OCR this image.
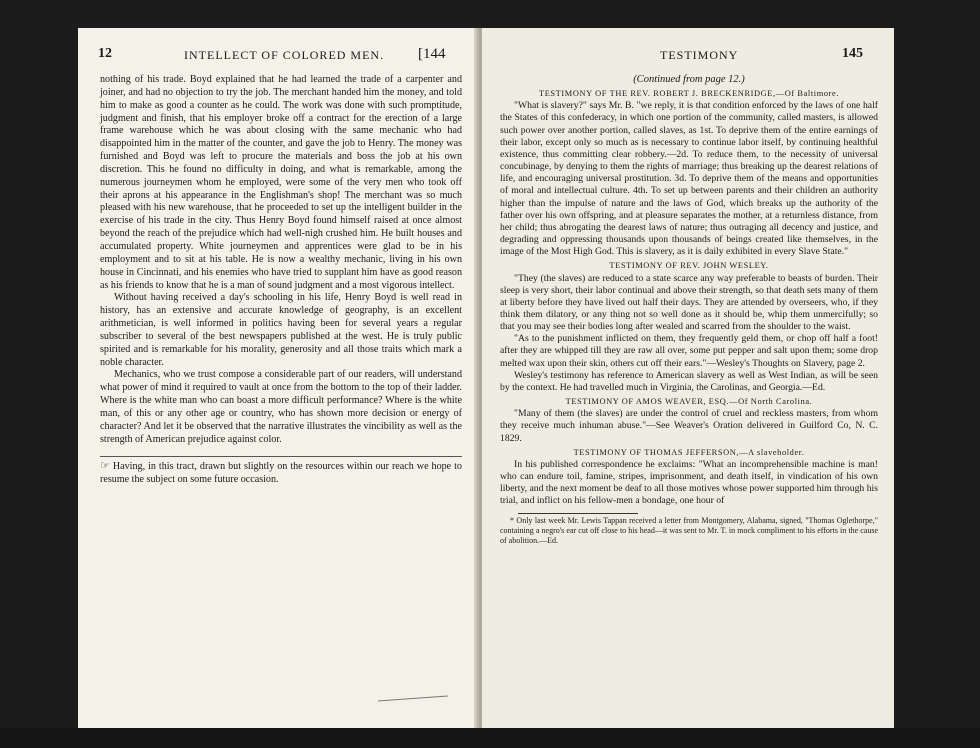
12	INTELLECT OF COLORED MEN. [144

nothing of his trade. Boyd explained that he had learned the trade of a carpenter and joiner, and had no objection to try the job. The merchant handed him the money, and told him to make as good a counter as he could. The work was done with such promptitude, judgment and finish, that his employer broke off a contract for the erection of a large frame warehouse which he was about closing with the same mechanic who had disappointed him in the matter of the counter, and gave the job to Henry. The money was furnished and Boyd was left to procure the materials and boss the job at his own discretion. This he found no difficulty in doing, and what is remarkable, among the numerous journeymen whom he employed, were some of the very men who took off their aprons at his appearance in the Englishman's shop! The merchant was so much pleased with his new warehouse, that he proceeded to set up the intelligent builder in the exercise of his trade in the city. Thus Henry Boyd found himself raised at once almost beyond the reach of the prejudice which had well-nigh crushed him. He built houses and accumulated property. White journeymen and apprentices were glad to be in his employment and to sit at his table. He is now a wealthy mechanic, living in his own house in Cincinnati, and his enemies who have tried to supplant him have as good reason as his friends to know that he is a man of sound judgment and a most vigorous intellect.

Without having received a day's schooling in his life, Henry Boyd is well read in history, has an extensive and accurate knowledge of geography, is an excellent arithmetician, is well informed in politics having been for several years a regular subscriber to several of the best newspapers published at the west. He is truly public spirited and is remarkable for his morality, generosity and all those traits which mark a noble character.

Mechanics, who we trust compose a considerable part of our readers, will understand what power of mind it required to vault at once from the bottom to the top of their ladder. Where is the white man who can boast a more difficult performance? Where is the white man, of this or any other age or country, who has shown more decision or energy of character? And let it be observed that the narrative illustrates the vincibility as well as the strength of American prejudice against color.

☞ Having, in this tract, drawn but slightly on the resources within our reach we hope to resume the subject on some future occasion.

TESTIMONY	145
(Continued from page 12.)
TESTIMONY OF THE REV. ROBERT J. BRECKENRIDGE,—Of Baltimore.

"What is slavery?" says Mr. B. "we reply, it is that condition enforced by the laws of one half the States of this confederacy, in which one portion of the community, called masters, is allowed such power over another portion, called slaves, as 1st. To deprive them of the entire earnings of their labor, except only so much as is necessary to continue labor itself, by continuing healthful existence, thus committing clear robbery.—2d. To reduce them, to the necessity of universal concubinage, by denying to them the rights of marriage; thus breaking up the dearest relations of life, and encouraging universal prostitution. 3d. To deprive them of the means and opportunities of moral and intellectual culture. 4th. To set up between parents and their children an authority higher than the impulse of nature and the laws of God, which breaks up the authority of the father over his own offspring, and at pleasure separates the mother, at a returnless distance, from her child; thus abrogating the dearest laws of nature; thus outraging all decency and justice, and degrading and oppressing thousands upon thousands of beings created like themselves, in the image of the Most High God. This is slavery, as it is daily exhibited in every Slave State."

TESTIMONY OF REV. JOHN WESLEY.

"They (the slaves) are reduced to a state scarce any way preferable to beasts of burden. Their sleep is very short, their labor continual and above their strength, so that death sets many of them at liberty before they have lived out half their days. They are attended by overseers, who, if they think them dilatory, or any thing not so well done as it should be, whip them unmercifully; so that you may see their bodies long after wealed and scarred from the shoulder to the waist.

"As to the punishment inflicted on them, they frequently geld them, or chop off half a foot! after they are whipped till they are raw all over, some put pepper and salt upon them; some drop melted wax upon their skin, others cut off their ears."—Wesley's Thoughts on Slavery, page 2.

Wesley's testimony has reference to American slavery as well as West Indian, as will be seen by the context. He had travelled much in Virginia, the Carolinas, and Georgia.—Ed.

TESTIMONY OF AMOS WEAVER, ESQ.—Of North Carolina.

"Many of them (the slaves) are under the control of cruel and reckless masters, from whom they receive much inhuman abuse."—See Weaver's Oration delivered in Guilford Co, N. C. 1829.

TESTIMONY OF THOMAS JEFFERSON,—A slaveholder.

In his published correspondence he exclaims: "What an incomprehensible machine is man! who can endure toil, famine, stripes, imprisonment, and death itself, in vindication of his own liberty, and the next moment be deaf to all those motives whose power supported him through his trial, and inflict on his fellow-men a bondage, one hour of

* Only last week Mr. Lewis Tappan received a letter from Montgomery, Alabama, signed, "Thomas Oglethorpe," containing a negro's ear cut off close to his head—it was sent to Mr. T. in mock compliment to his efforts in the cause of abolition.—Ed.
